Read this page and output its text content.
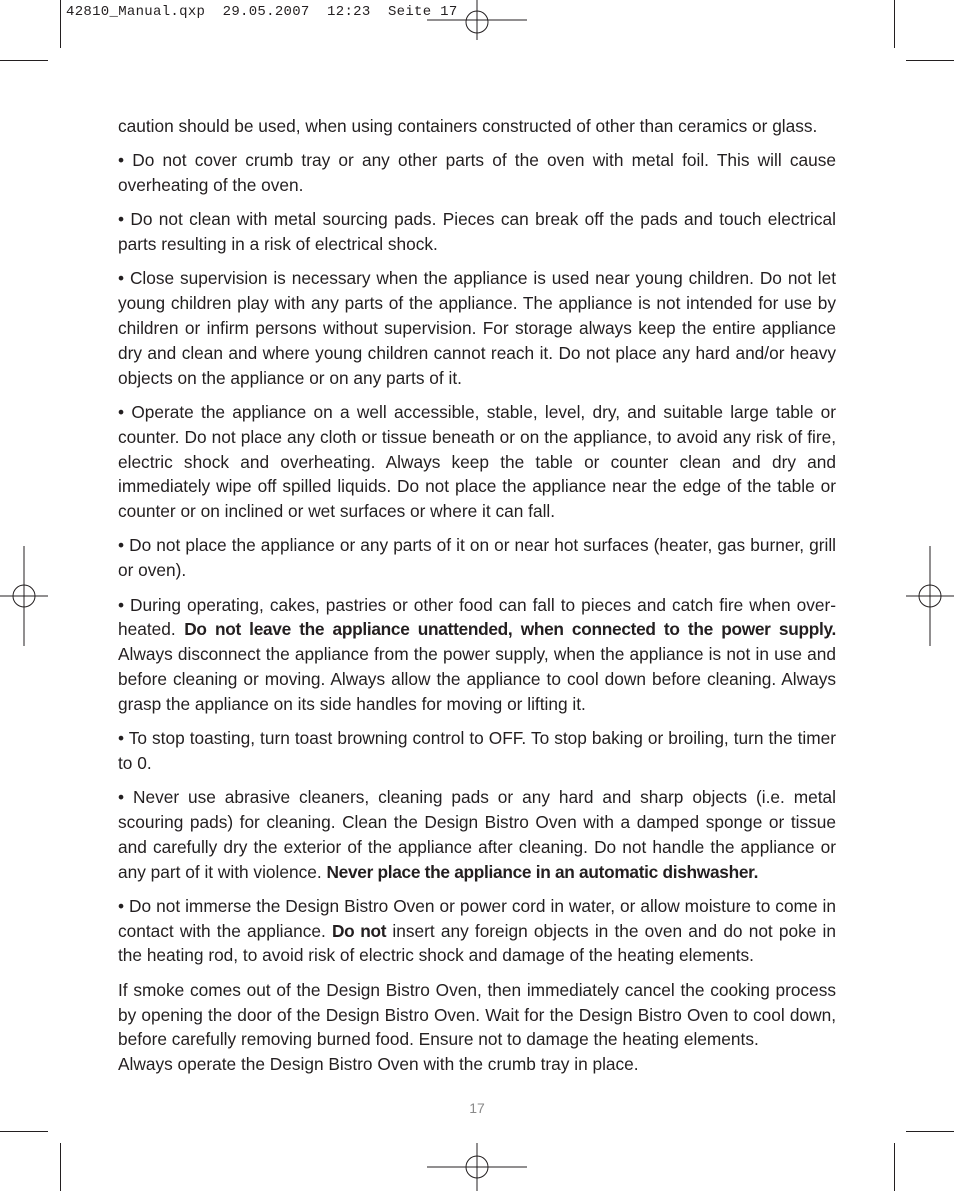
42810_Manual.qxp  29.05.2007  12:23  Seite 17

caution should be used, when using containers constructed of other than ceramics or glass.

• Do not cover crumb tray or any other parts of the oven with metal foil. This will cause overheating of the oven.

• Do not clean with metal sourcing pads. Pieces can break off the pads and touch electrical parts resulting in a risk of electrical shock.

• Close supervision is necessary when the appliance is used near young children. Do not let young children play with any parts of the appliance. The appliance is not intended for use by children or infirm persons without supervision. For storage always keep the entire appliance dry and clean and where young children cannot reach it. Do not place any hard and/or heavy objects on the appliance or on any parts of it.

• Operate the appliance on a well accessible, stable, level, dry, and suitable large table or counter. Do not place any cloth or tissue beneath or on the appliance, to avoid any risk of fire, electric shock and overheating. Always keep the table or counter clean and dry and immediately wipe off spilled liquids. Do not place the appliance near the edge of the table or counter or on inclined or wet surfaces or where it can fall.

• Do not place the appliance or any parts of it on or near hot surfaces (heater, gas burner, grill or oven).

• During operating, cakes, pastries or other food can fall to pieces and catch fire when over-heated. Do not leave the appliance unattended, when connected to the power supply. Always disconnect the appliance from the power supply, when the appliance is not in use and before cleaning or moving. Always allow the appliance to cool down before cleaning. Always grasp the appliance on its side handles for moving or lifting it.

• To stop toasting, turn toast browning control to OFF. To stop baking or broiling, turn the timer to 0.

• Never use abrasive cleaners, cleaning pads or any hard and sharp objects (i.e. metal scouring pads) for cleaning. Clean the Design Bistro Oven with a damped sponge or tissue and carefully dry the exterior of the appliance after cleaning. Do not handle the appliance or any part of it with violence. Never place the appliance in an automatic dishwasher.

• Do not immerse the Design Bistro Oven or power cord in water, or allow moisture to come in contact with the appliance. Do not insert any foreign objects in the oven and do not poke in the heating rod, to avoid risk of electric shock and damage of the heating elements.

If smoke comes out of the Design Bistro Oven, then immediately cancel the cooking process by opening the door of the Design Bistro Oven. Wait for the Design Bistro Oven to cool down, before carefully removing burned food. Ensure not to damage the heating elements.

Always operate the Design Bistro Oven with the crumb tray in place.

17
